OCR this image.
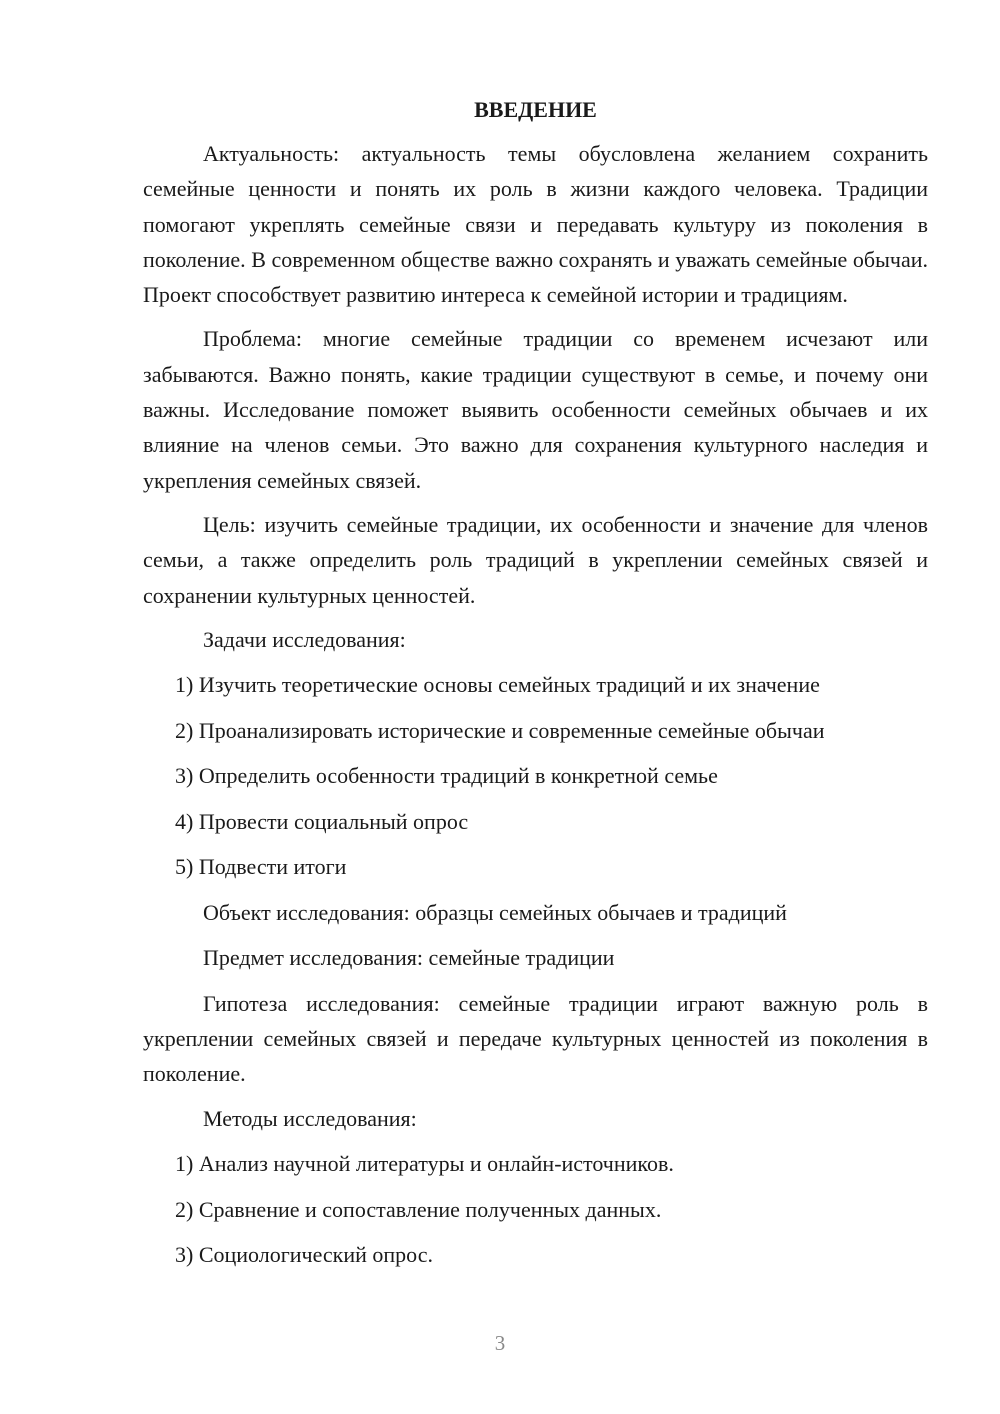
ВВЕДЕНИЕ

Актуальность: актуальность темы обусловлена желанием сохранить семейные ценности и понять их роль в жизни каждого человека. Традиции помогают укреплять семейные связи и передавать культуру из поколения в поколение. В современном обществе важно сохранять и уважать семейные обычаи. Проект способствует развитию интереса к семейной истории и традициям.

Проблема: многие семейные традиции со временем исчезают или забываются. Важно понять, какие традиции существуют в семье, и почему они важны. Исследование поможет выявить особенности семейных обычаев и их влияние на членов семьи. Это важно для сохранения культурного наследия и укрепления семейных связей.

Цель: изучить семейные традиции, их особенности и значение для членов семьи, а также определить роль традиций в укреплении семейных связей и сохранении культурных ценностей.

Задачи исследования:
1) Изучить теоретические основы семейных традиций и их значение
2) Проанализировать исторические и современные семейные обычаи
3) Определить особенности традиций в конкретной семье
4) Провести социальный опрос
5) Подвести итоги
Объект исследования: образцы семейных обычаев и традиций
Предмет исследования: семейные традиции

Гипотеза исследования: семейные традиции играют важную роль в укреплении семейных связей и передаче культурных ценностей из поколения в поколение.

Методы исследования:
1) Анализ научной литературы и онлайн-источников.
2) Сравнение и сопоставление полученных данных.
3) Социологический опрос.
3
